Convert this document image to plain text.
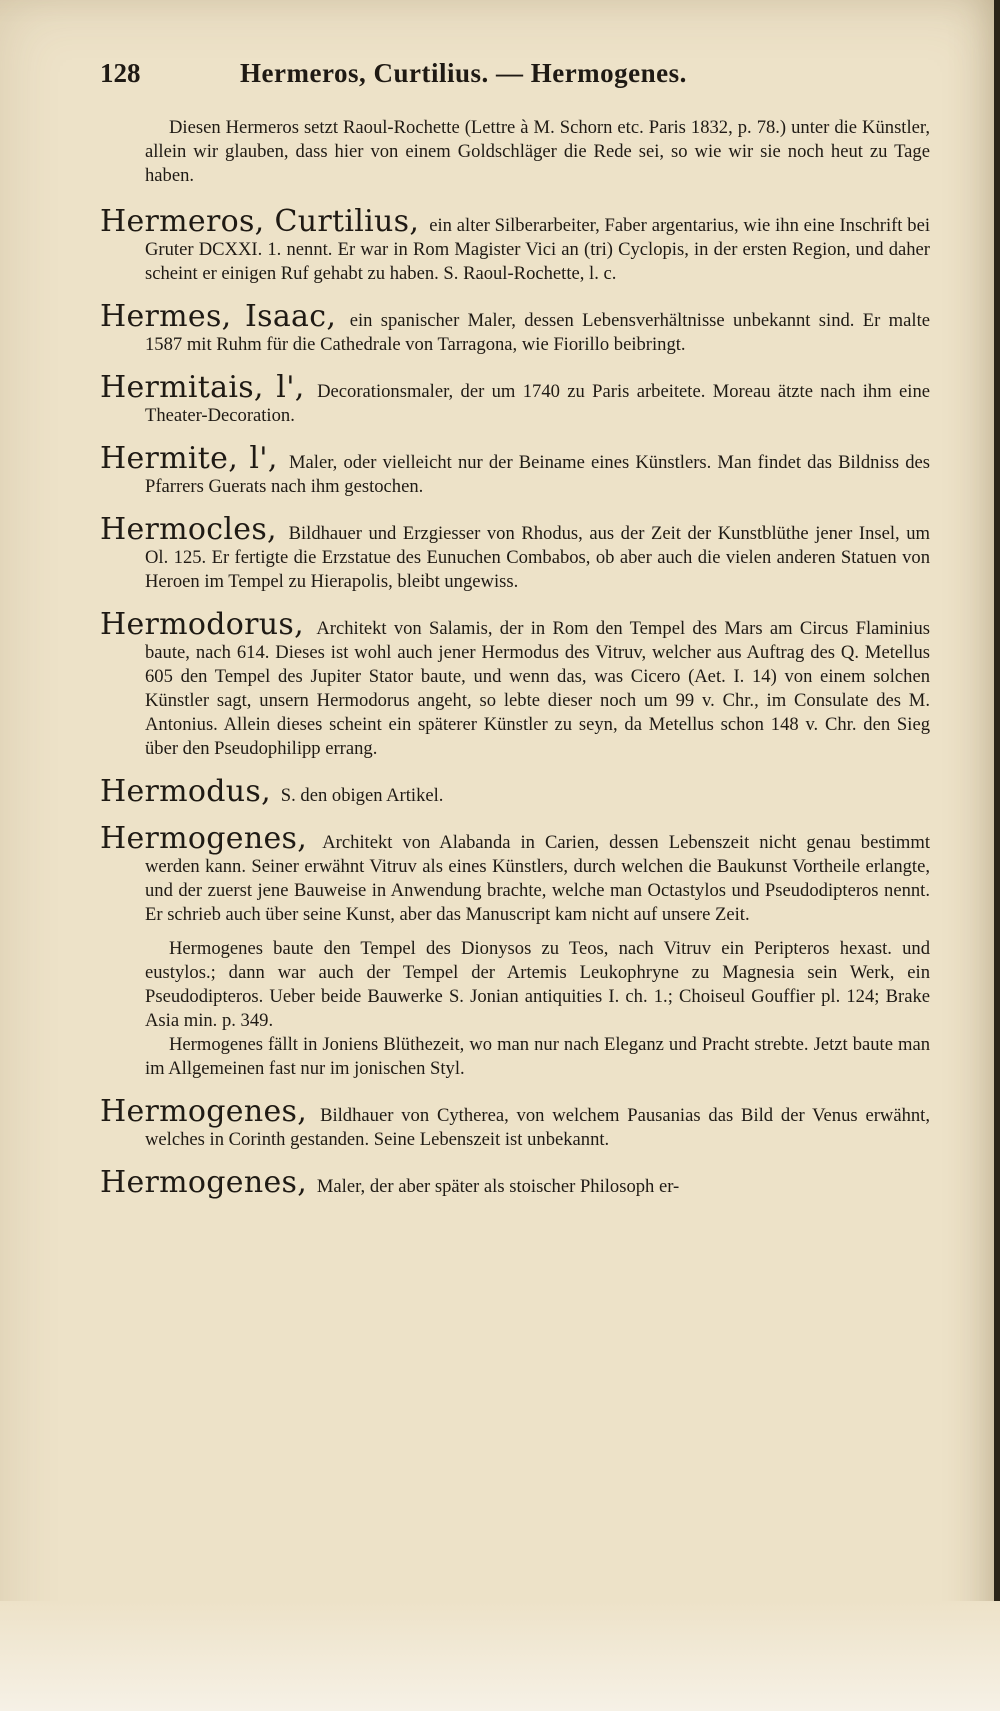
128	Hermeros, Curtilius. — Hermogenes.

Diesen Hermeros setzt Raoul-Rochette (Lettre à M. Schorn etc. Paris 1832, p. 78.) unter die Künstler, allein wir glauben, dass hier von einem Goldschläger die Rede sei, so wie wir sie noch heut zu Tage haben.

Hermeros, Curtilius, ein alter Silberarbeiter, Faber argentarius, wie ihn eine Inschrift bei Gruter DCXXI. 1. nennt. Er war in Rom Magister Vici an (tri) Cyclopis, in der ersten Region, und daher scheint er einigen Ruf gehabt zu haben. S. Raoul-Rochette, l. c.
Hermes, Isaac, ein spanischer Maler, dessen Lebensverhältnisse unbekannt sind. Er malte 1587 mit Ruhm für die Cathedrale von Tarragona, wie Fiorillo beibringt.
Hermitais, l', Decorationsmaler, der um 1740 zu Paris arbeitete. Moreau ätzte nach ihm eine Theater-Decoration.
Hermite, l', Maler, oder vielleicht nur der Beiname eines Künstlers. Man findet das Bildniss des Pfarrers Guerats nach ihm gestochen.
Hermocles, Bildhauer und Erzgiesser von Rhodus, aus der Zeit der Kunstblüthe jener Insel, um Ol. 125. Er fertigte die Erzstatue des Eunuchen Combabos, ob aber auch die vielen anderen Statuen von Heroen im Tempel zu Hierapolis, bleibt ungewiss.
Hermodorus, Architekt von Salamis, der in Rom den Tempel des Mars am Circus Flaminius baute, nach 614. Dieses ist wohl auch jener Hermodus des Vitruv, welcher aus Auftrag des Q. Metellus 605 den Tempel des Jupiter Stator baute, und wenn das, was Cicero (Aet. I. 14) von einem solchen Künstler sagt, unsern Hermodorus angeht, so lebte dieser noch um 99 v. Chr., im Consulate des M. Antonius. Allein dieses scheint ein späterer Künstler zu seyn, da Metellus schon 148 v. Chr. den Sieg über den Pseudophilipp errang.
Hermodus, S. den obigen Artikel.
Hermogenes, Architekt von Alabanda in Carien, dessen Lebenszeit nicht genau bestimmt werden kann. Seiner erwähnt Vitruv als eines Künstlers, durch welchen die Baukunst Vortheile erlangte, und der zuerst jene Bauweise in Anwendung brachte, welche man Octastylos und Pseudodipteros nennt. Er schrieb auch über seine Kunst, aber das Manuscript kam nicht auf unsere Zeit.

Hermogenes baute den Tempel des Dionysos zu Teos, nach Vitruv ein Peripteros hexast. und eustylos.; dann war auch der Tempel der Artemis Leukophryne zu Magnesia sein Werk, ein Pseudodipteros. Ueber beide Bauwerke S. Jonian antiquities I. ch. 1.; Choiseul Gouffier pl. 124; Brake Asia min. p. 349.

Hermogenes fällt in Joniens Blüthezeit, wo man nur nach Eleganz und Pracht strebte. Jetzt baute man im Allgemeinen fast nur im jonischen Styl.

Hermogenes, Bildhauer von Cytherea, von welchem Pausanias das Bild der Venus erwähnt, welches in Corinth gestanden. Seine Lebenszeit ist unbekannt.
Hermogenes, Maler, der aber später als stoischer Philosoph er-
